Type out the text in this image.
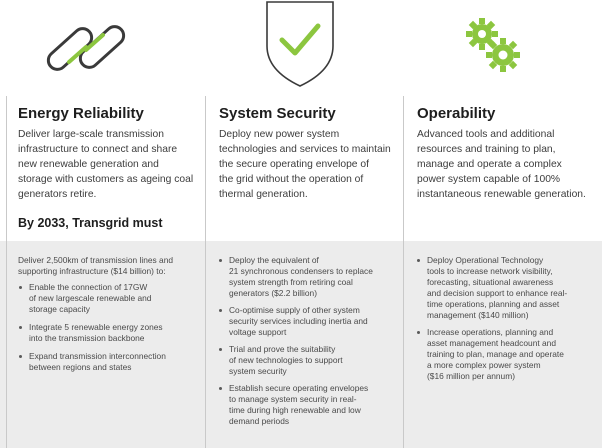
Energy Reliability
Deliver large-scale transmission
infrastructure to connect and share
new renewable generation and
storage with customers as ageing coal
generators retire.
By 2033, Transgrid must
Deliver 2,500km of transmission lines and
supporting infrastructure ($14 billion) to:
Enable the connection of 17GW
of new largescale renewable and
storage capacity
Integrate 5 renewable energy zones
into the transmission backbone
Expand transmission interconnection
between regions and states
System Security
Deploy new power system
technologies and services to maintain
the secure operating envelope of
the grid without the operation of
thermal generation.
Deploy the equivalent of
21 synchronous condensers to replace
system strength from retiring coal
generators ($2.2 billion)
Co-optimise supply of other system
security services including inertia and
voltage support
Trial and prove the suitability
of new technologies to support
system security
Establish secure operating envelopes
to manage system security in real-
time during high renewable and low
demand periods
Operability
Advanced tools and additional
resources and training to plan,
manage and operate a complex
power system capable of 100%
instantaneous renewable generation.
Deploy Operational Technology
tools to increase network visibility,
forecasting, situational awareness
and decision support to enhance real-
time operations, planning and asset
management ($140 million)
Increase operations, planning and
asset management headcount and
training to plan, manage and operate
a more complex power system
($16 million per annum)
